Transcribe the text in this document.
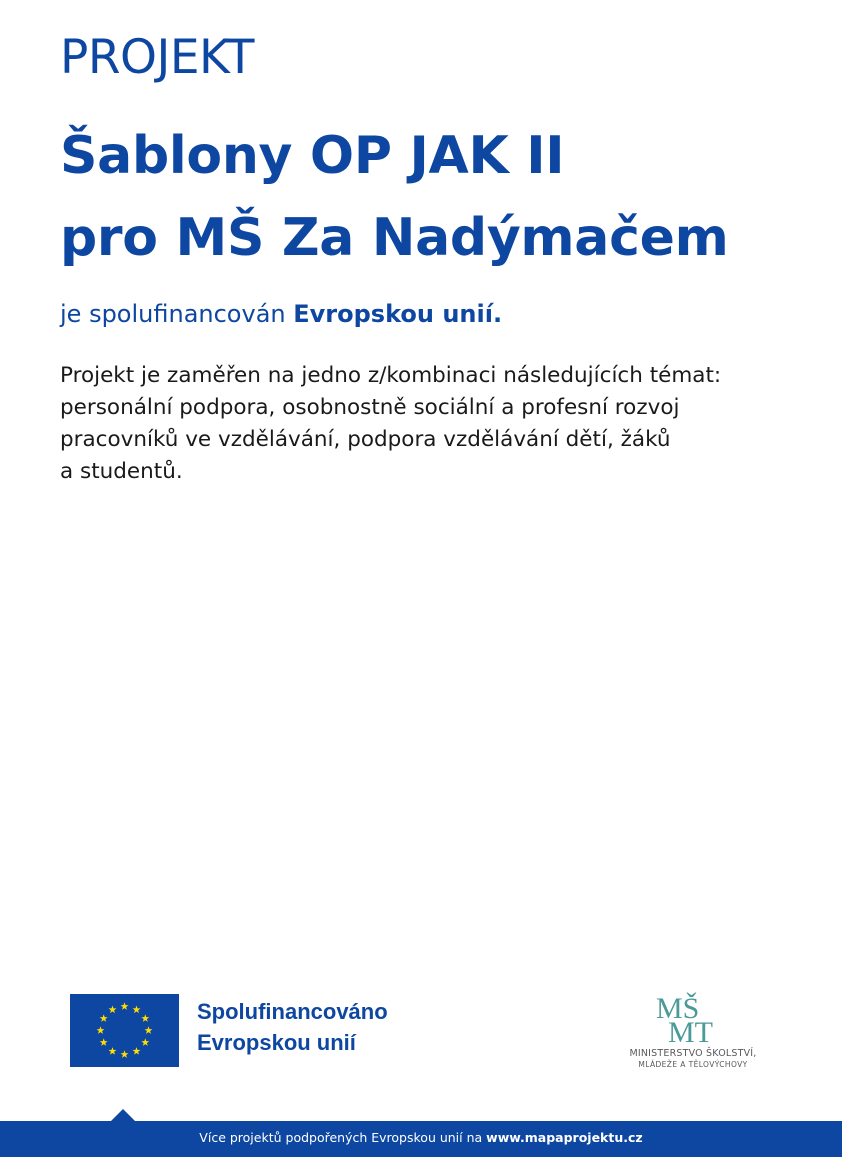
PROJEKT
Šablony OP JAK II
pro MŠ Za Nadýmačem
je spolufinancován Evropskou unií.
Projekt je zaměřen na jedno z/kombinaci následujících témat:
personální podpora, osobnostně sociální a profesní rozvoj
pracovníků ve vzdělávání, podpora vzdělávání dětí, žáků
a studentů.
Spolufinancováno
Evropskou unií
MŠ
MT
MINISTERSTVO ŠKOLSTVÍ,
MLÁDEŽE A TĚLOVÝCHOVY
Více projektů podpořených Evropskou unií na www.mapaprojektu.cz
